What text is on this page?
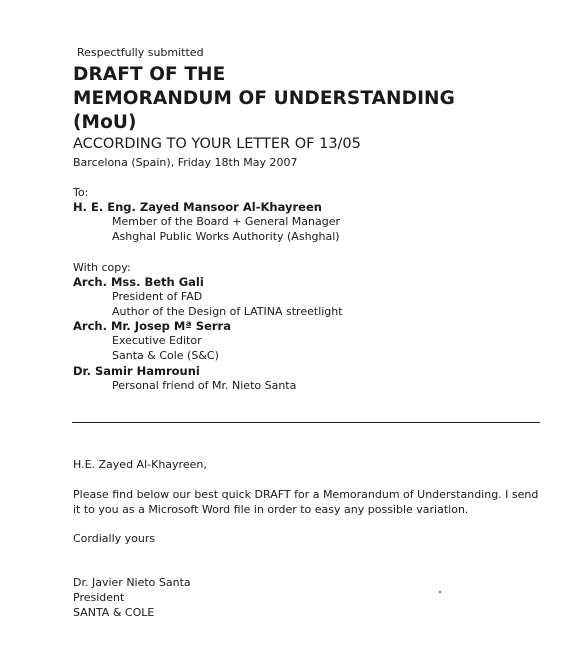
Respectfully submitted
DRAFT OF THE
MEMORANDUM OF UNDERSTANDING
(MoU)
ACCORDING TO YOUR LETTER OF 13/05
Barcelona (Spain), Friday 18th May 2007
To:
H. E. Eng. Zayed Mansoor Al-Khayreen
Member of the Board + General Manager
Ashghal Public Works Authority (Ashghal)
With copy:
Arch. Mss. Beth Gali
President of FAD
Author of the Design of LATINA streetlight
Arch. Mr. Josep Mª Serra
Executive Editor
Santa & Cole (S&C)
Dr. Samir Hamrouni
Personal friend of Mr. Nieto Santa
H.E. Zayed Al-Khayreen,
Please find below our best quick DRAFT for a Memorandum of Understanding. I send
it to you as a Microsoft Word file in order to easy any possible variation.
Cordially yours
Dr. Javier Nieto Santa
President
SANTA & COLE
